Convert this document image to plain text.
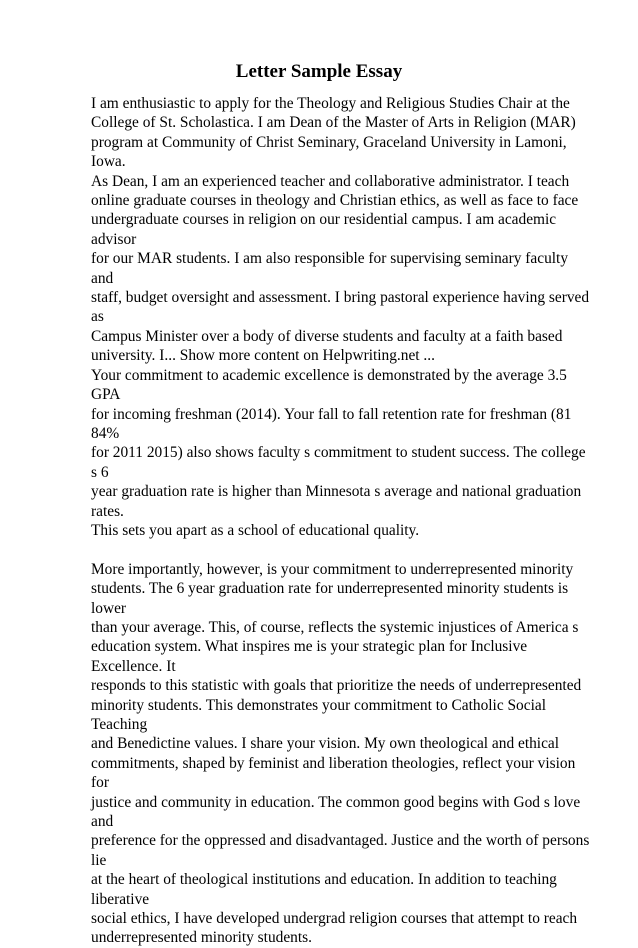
Letter Sample Essay

I am enthusiastic to apply for the Theology and Religious Studies Chair at the
College of St. Scholastica. I am Dean of the Master of Arts in Religion (MAR)
program at Community of Christ Seminary, Graceland University in Lamoni, Iowa.
As Dean, I am an experienced teacher and collaborative administrator. I teach
online graduate courses in theology and Christian ethics, as well as face to face
undergraduate courses in religion on our residential campus. I am academic advisor
for our MAR students. I am also responsible for supervising seminary faculty and
staff, budget oversight and assessment. I bring pastoral experience having served as
Campus Minister over a body of diverse students and faculty at a faith based
university. I... Show more content on Helpwriting.net ...

Your commitment to academic excellence is demonstrated by the average 3.5 GPA
for incoming freshman (2014). Your fall to fall retention rate for freshman (81 84%
for 2011 2015) also shows faculty s commitment to student success. The college s 6
year graduation rate is higher than Minnesota s average and national graduation rates.
This sets you apart as a school of educational quality.

More importantly, however, is your commitment to underrepresented minority
students. The 6 year graduation rate for underrepresented minority students is lower
than your average. This, of course, reflects the systemic injustices of America s
education system. What inspires me is your strategic plan for Inclusive Excellence. It
responds to this statistic with goals that prioritize the needs of underrepresented
minority students. This demonstrates your commitment to Catholic Social Teaching
and Benedictine values. I share your vision. My own theological and ethical
commitments, shaped by feminist and liberation theologies, reflect your vision for
justice and community in education. The common good begins with God s love and
preference for the oppressed and disadvantaged. Justice and the worth of persons lie
at the heart of theological institutions and education. In addition to teaching liberative
social ethics, I have developed undergrad religion courses that attempt to reach
underrepresented minority students.
